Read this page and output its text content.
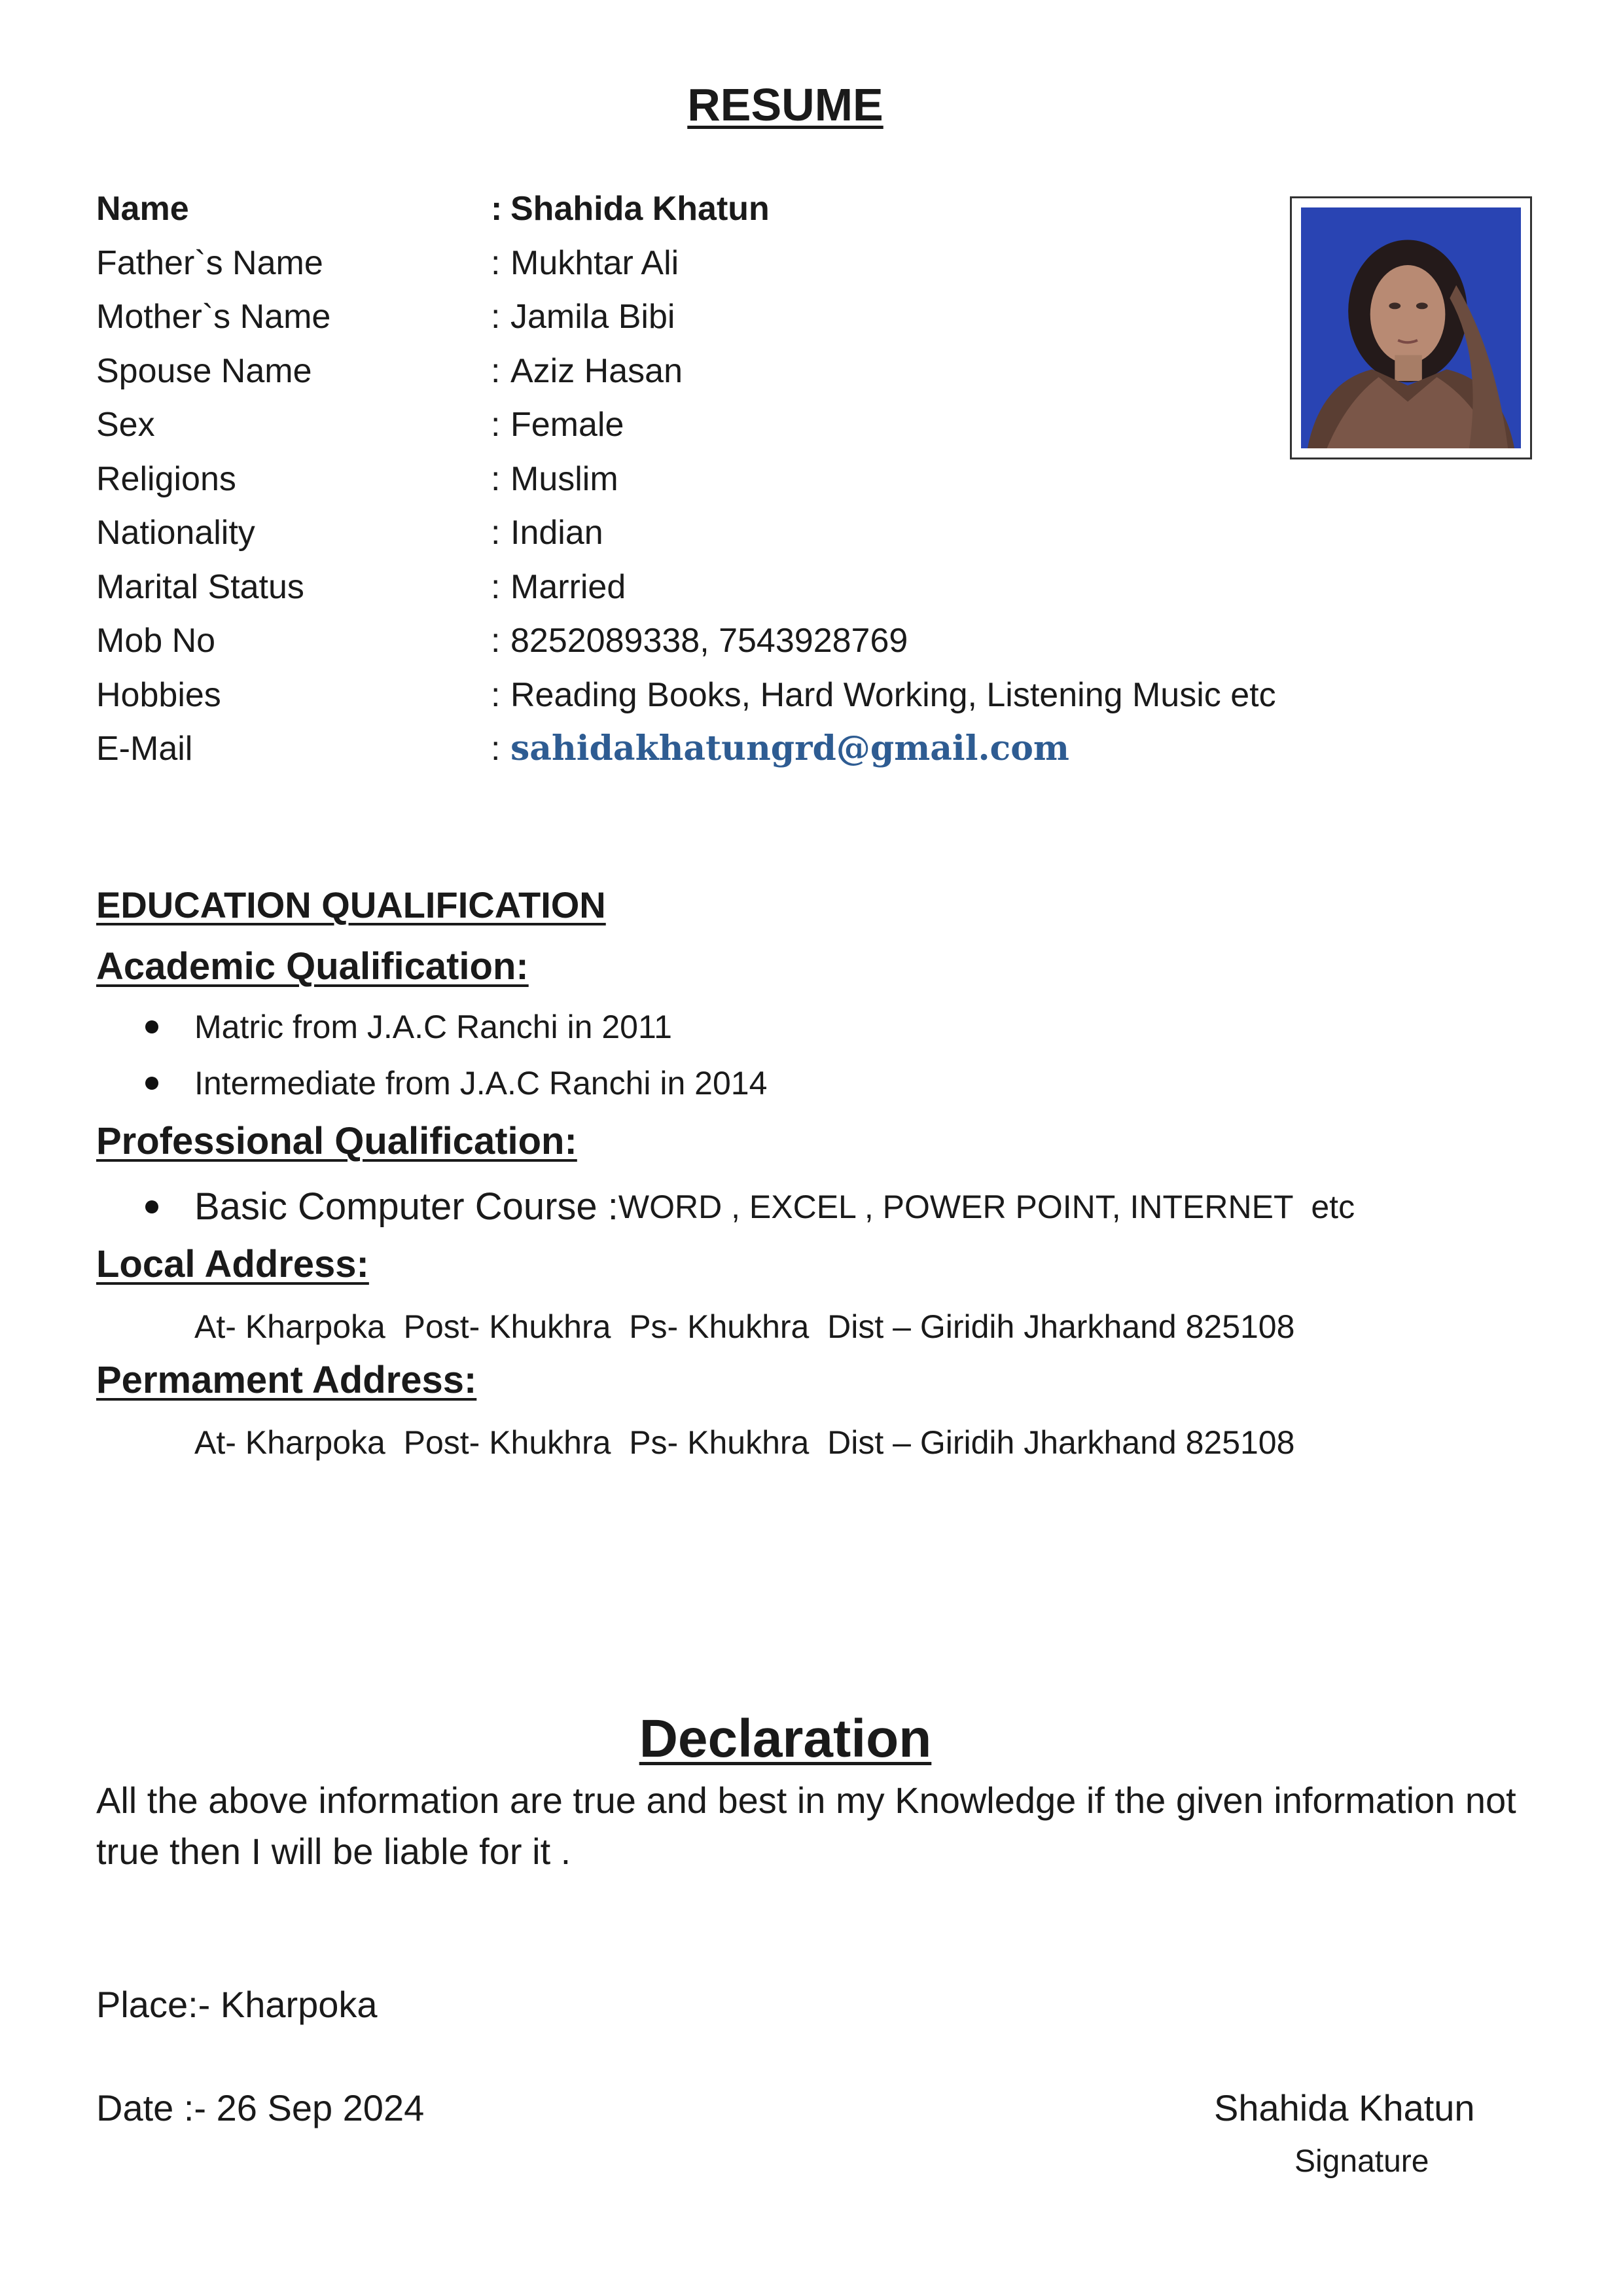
RESUME
Name	: Shahida Khatun
Father`s Name	: Mukhtar Ali
Mother`s Name	: Jamila Bibi
Spouse Name	: Aziz Hasan
Sex	: Female
Religions	: Muslim
Nationality	: Indian
Marital Status	: Married
Mob No	: 8252089338, 7543928769
Hobbies	: Reading Books, Hard Working, Listening Music etc
E-Mail	: sahidakhatungrd@gmail.com
EDUCATION QUALIFICATION
Academic Qualification:
Matric from J.A.C Ranchi in 2011
Intermediate from J.A.C Ranchi in 2014
Professional Qualification:
Basic Computer Course : WORD , EXCEL , POWER POINT, INTERNET  etc
Local Address:
At- Kharpoka  Post- Khukhra  Ps- Khukhra  Dist – Giridih Jharkhand 825108
Permament Address:
At- Kharpoka  Post- Khukhra  Ps- Khukhra  Dist – Giridih Jharkhand 825108
Declaration
All the above information are true and best in my Knowledge if the given information not true then I will be liable for it .
Place:- Kharpoka
Date :- 26 Sep 2024	Shahida Khatun
Signature
